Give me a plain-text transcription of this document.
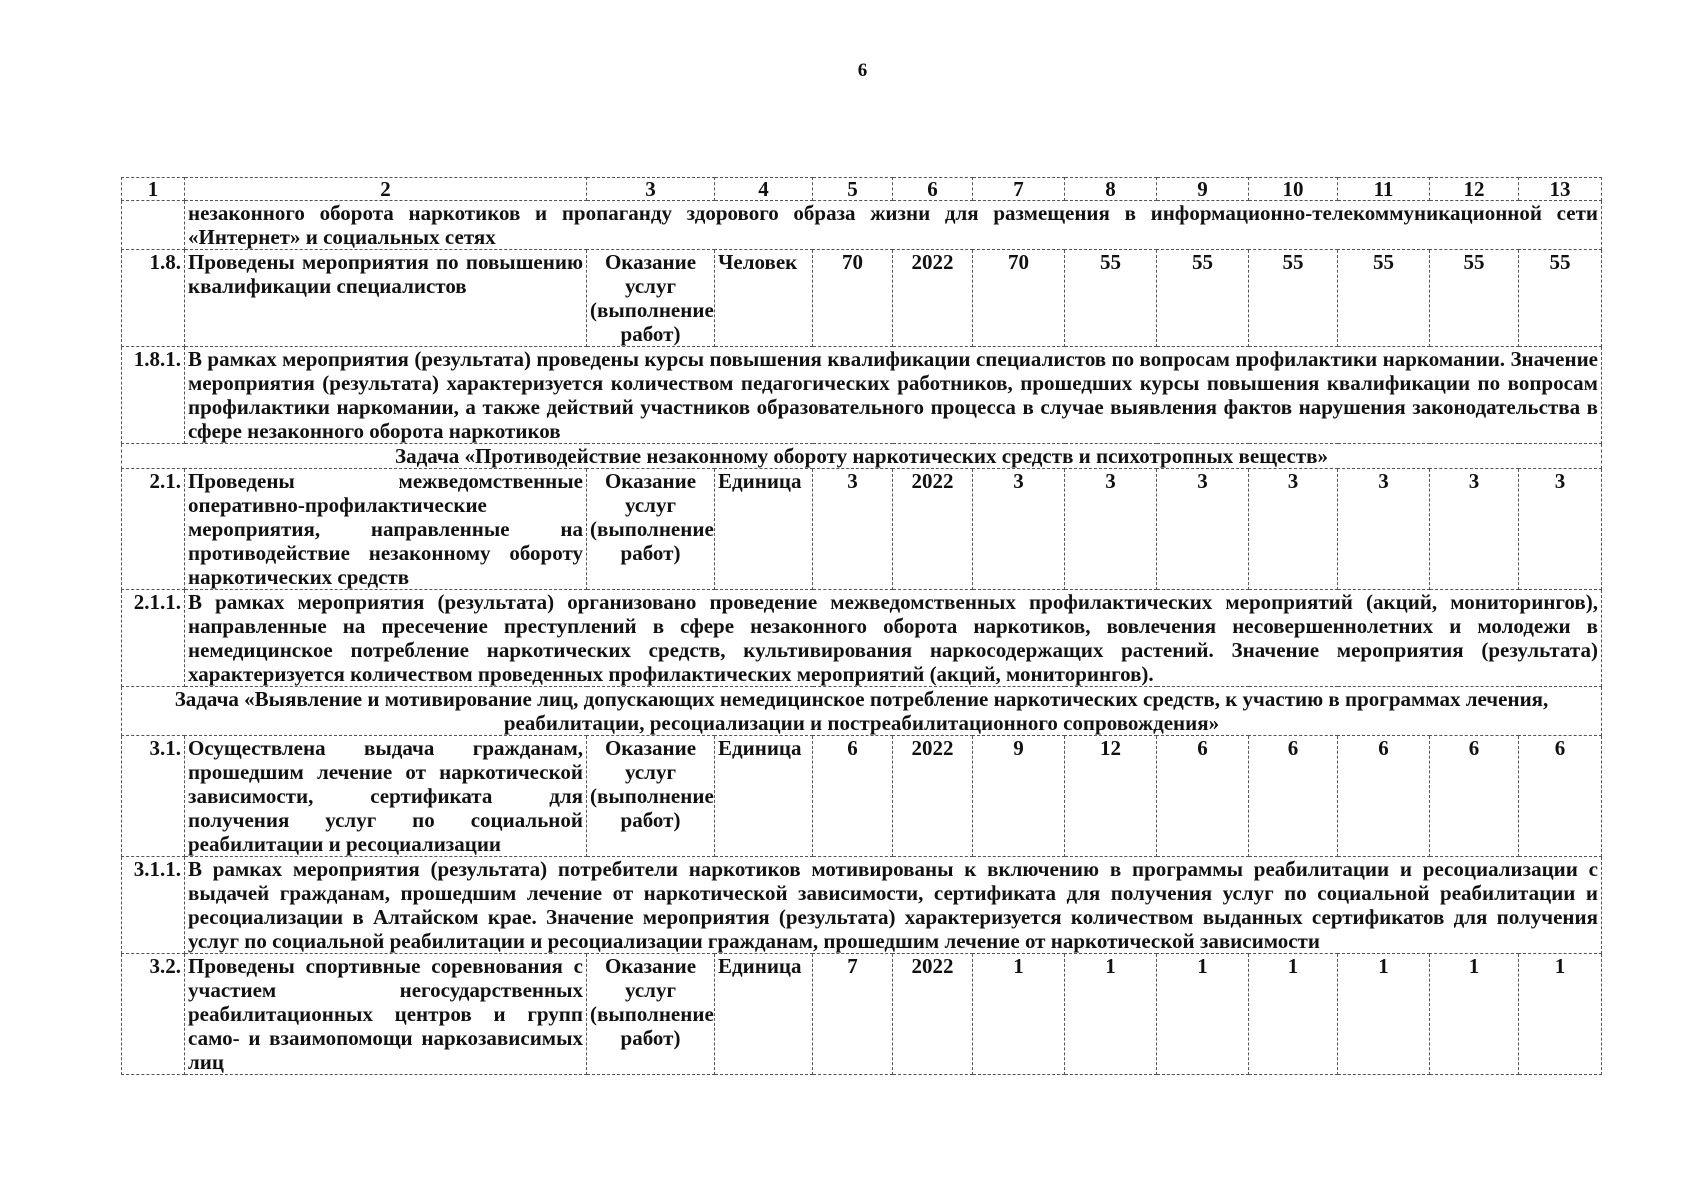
6
1	2	3	4	5	6	7	8	9	10	11	12	13
	незаконного оборота наркотиков и пропаганду здорового образа жизни для размещения в информационно-телекоммуникационной сети «Интернет» и социальных сетях											
1.8.	Проведены мероприятия по повышению квалификации специалистов	Оказание услуг (выполнение работ)	Человек	70	2022	70	55	55	55	55	55	55
1.8.1.	В рамках мероприятия (результата) проведены курсы повышения квалификации специалистов по вопросам профилактики наркомании. Значение мероприятия (результата) характеризуется количеством педагогических работников, прошедших курсы повышения квалификации по вопросам профилактики наркомании, а также действий участников образовательного процесса в случае выявления фактов нарушения законодательства в сфере незаконного оборота наркотиков											
Задача «Противодействие незаконному обороту наркотических средств и психотропных веществ»												
2.1.	Проведены межведомственные оперативно-профилактические мероприятия, направленные на противодействие незаконному обороту наркотических средств	Оказание услуг (выполнение работ)	Единица	3	2022	3	3	3	3	3	3	3
2.1.1.	В рамках мероприятия (результата) организовано проведение межведомственных профилактических мероприятий (акций, мониторингов), направленные на пресечение преступлений в сфере незаконного оборота наркотиков, вовлечения несовершеннолетних и молодежи в немедицинское потребление наркотических средств, культивирования наркосодержащих растений. Значение мероприятия (результата) характеризуется количеством проведенных профилактических мероприятий (акций, мониторингов).											
Задача «Выявление и мотивирование лиц, допускающих немедицинское потребление наркотических средств, к участию в программах лечения, реабилитации, ресоциализации и постреабилитационного сопровождения»												
3.1.	Осуществлена выдача гражданам, прошедшим лечение от наркотической зависимости, сертификата для получения услуг по социальной реабилитации и ресоциализации	Оказание услуг (выполнение работ)	Единица	6	2022	9	12	6	6	6	6	6
3.1.1.	В рамках мероприятия (результата) потребители наркотиков мотивированы к включению в программы реабилитации и ресоциализации с выдачей гражданам, прошедшим лечение от наркотической зависимости, сертификата для получения услуг по социальной реабилитации и ресоциализации в Алтайском крае. Значение мероприятия (результата) характеризуется количеством выданных сертификатов для получения услуг по социальной реабилитации и ресоциализации гражданам, прошедшим лечение от наркотической зависимости											
3.2.	Проведены спортивные соревнования с участием негосударственных реабилитационных центров и групп само- и взаимопомощи наркозависимых лиц	Оказание услуг (выполнение работ)	Единица	7	2022	1	1	1	1	1	1	1
